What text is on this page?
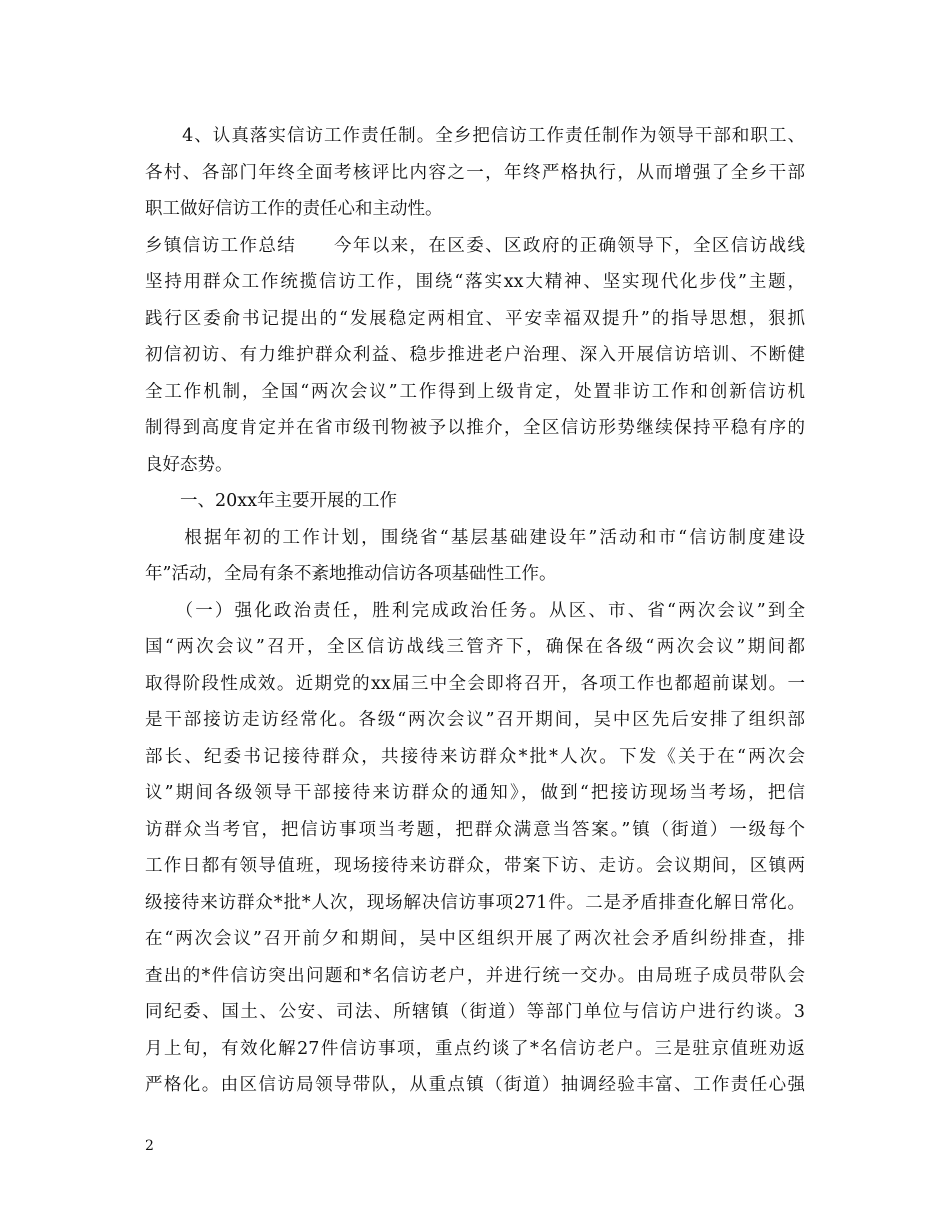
　　4、认真落实信访工作责任制。全乡把信访工作责任制作为领导干部和职工、
各村、各部门年终全面考核评比内容之一，年终严格执行，从而增强了全乡干部
职工做好信访工作的责任心和主动性。
乡镇信访工作总结　　今年以来，在区委、区政府的正确领导下，全区信访战线
坚持用群众工作统揽信访工作，围绕“落实xx大精神、坚实现代化步伐”主题，
践行区委俞书记提出的“发展稳定两相宜、平安幸福双提升”的指导思想，狠抓
初信初访、有力维护群众利益、稳步推进老户治理、深入开展信访培训、不断健
全工作机制，全国“两次会议”工作得到上级肯定，处置非访工作和创新信访机
制得到高度肯定并在省市级刊物被予以推介，全区信访形势继续保持平稳有序的
良好态势。
　　一、20xx年主要开展的工作
　　根据年初的工作计划，围绕省“基层基础建设年”活动和市“信访制度建设
年”活动，全局有条不紊地推动信访各项基础性工作。
　　（一）强化政治责任，胜利完成政治任务。从区、市、省“两次会议”到全
国“两次会议”召开，全区信访战线三管齐下，确保在各级“两次会议”期间都
取得阶段性成效。近期党的xx届三中全会即将召开，各项工作也都超前谋划。一
是干部接访走访经常化。各级“两次会议”召开期间，吴中区先后安排了组织部
部长、纪委书记接待群众，共接待来访群众*批*人次。下发《关于在“两次会
议”期间各级领导干部接待来访群众的通知》，做到“把接访现场当考场，把信
访群众当考官，把信访事项当考题，把群众满意当答案。”镇（街道）一级每个
工作日都有领导值班，现场接待来访群众，带案下访、走访。会议期间，区镇两
级接待来访群众*批*人次，现场解决信访事项271件。二是矛盾排查化解日常化。
在“两次会议”召开前夕和期间，吴中区组织开展了两次社会矛盾纠纷排查，排
查出的*件信访突出问题和*名信访老户，并进行统一交办。由局班子成员带队会
同纪委、国土、公安、司法、所辖镇（街道）等部门单位与信访户进行约谈。3
月上旬，有效化解27件信访事项，重点约谈了*名信访老户。三是驻京值班劝返
严格化。由区信访局领导带队，从重点镇（街道）抽调经验丰富、工作责任心强
2
